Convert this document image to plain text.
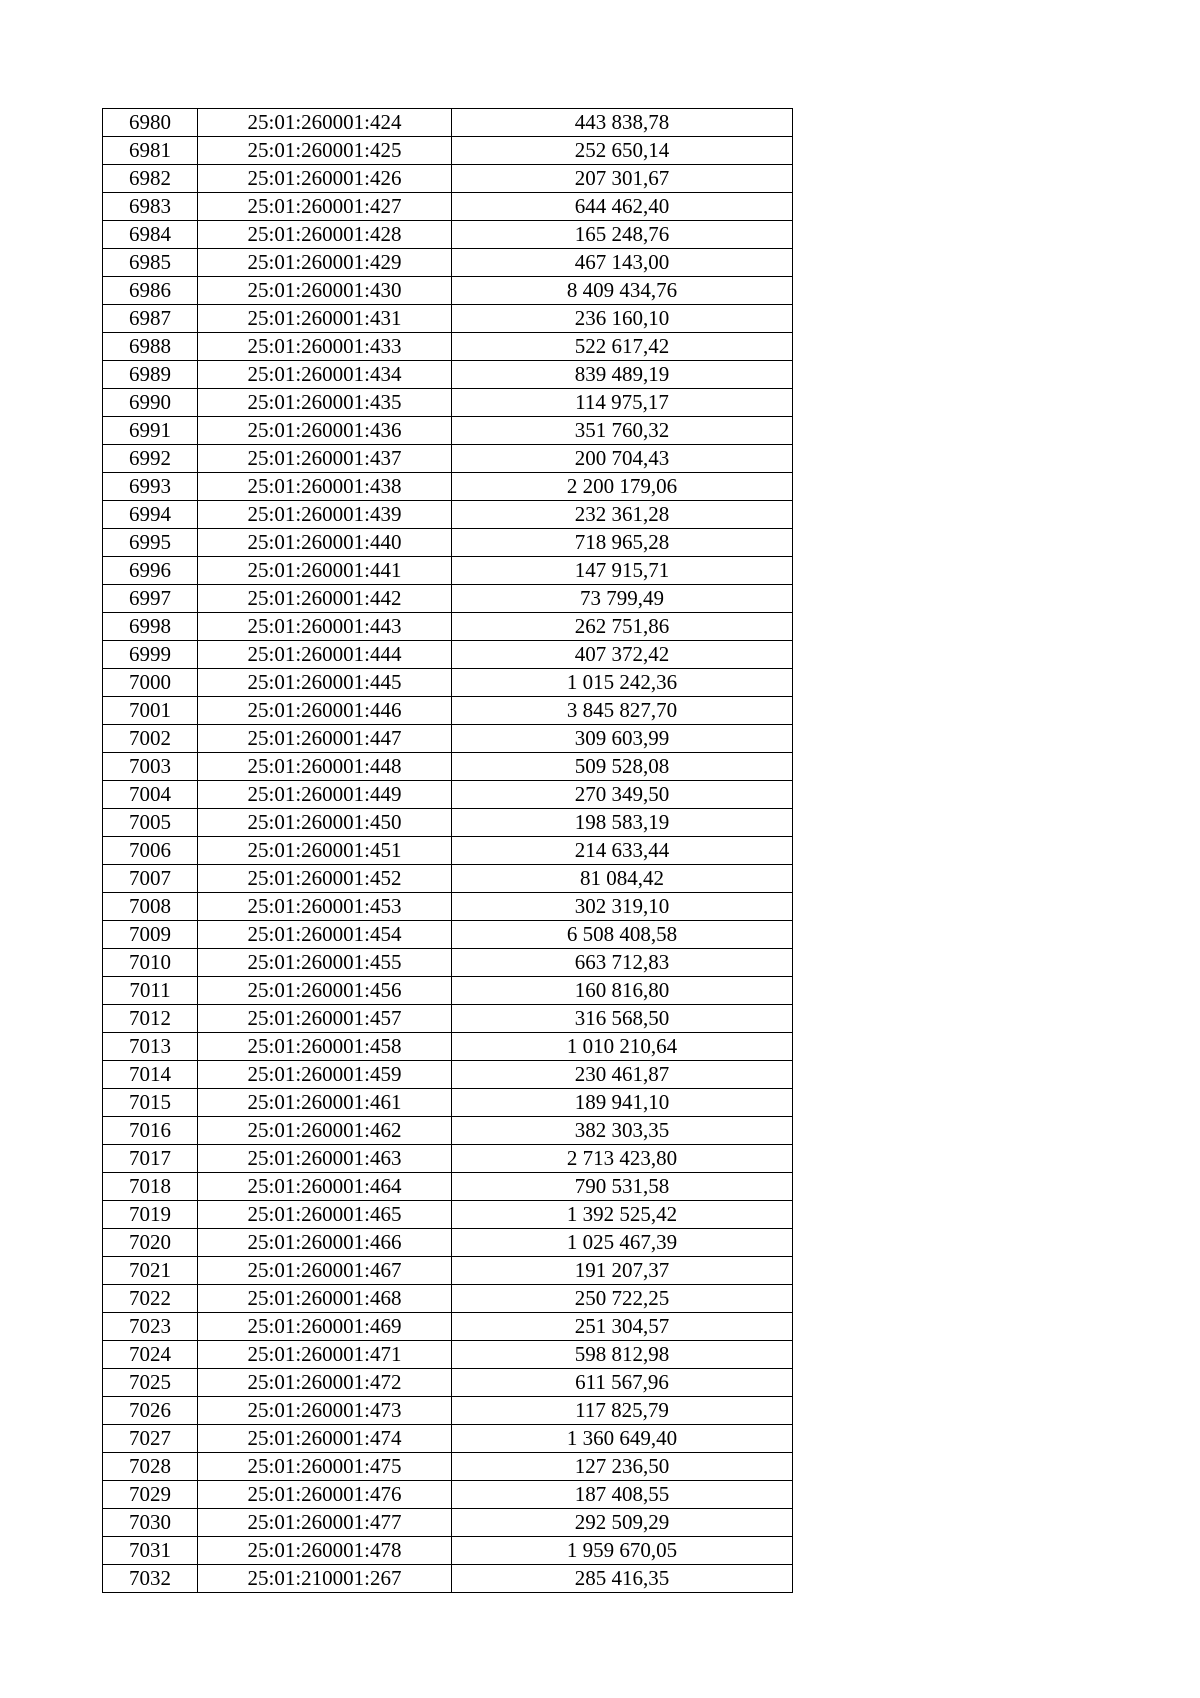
6980	25:01:260001:424	443 838,78
6981	25:01:260001:425	252 650,14
6982	25:01:260001:426	207 301,67
6983	25:01:260001:427	644 462,40
6984	25:01:260001:428	165 248,76
6985	25:01:260001:429	467 143,00
6986	25:01:260001:430	8 409 434,76
6987	25:01:260001:431	236 160,10
6988	25:01:260001:433	522 617,42
6989	25:01:260001:434	839 489,19
6990	25:01:260001:435	114 975,17
6991	25:01:260001:436	351 760,32
6992	25:01:260001:437	200 704,43
6993	25:01:260001:438	2 200 179,06
6994	25:01:260001:439	232 361,28
6995	25:01:260001:440	718 965,28
6996	25:01:260001:441	147 915,71
6997	25:01:260001:442	73 799,49
6998	25:01:260001:443	262 751,86
6999	25:01:260001:444	407 372,42
7000	25:01:260001:445	1 015 242,36
7001	25:01:260001:446	3 845 827,70
7002	25:01:260001:447	309 603,99
7003	25:01:260001:448	509 528,08
7004	25:01:260001:449	270 349,50
7005	25:01:260001:450	198 583,19
7006	25:01:260001:451	214 633,44
7007	25:01:260001:452	81 084,42
7008	25:01:260001:453	302 319,10
7009	25:01:260001:454	6 508 408,58
7010	25:01:260001:455	663 712,83
7011	25:01:260001:456	160 816,80
7012	25:01:260001:457	316 568,50
7013	25:01:260001:458	1 010 210,64
7014	25:01:260001:459	230 461,87
7015	25:01:260001:461	189 941,10
7016	25:01:260001:462	382 303,35
7017	25:01:260001:463	2 713 423,80
7018	25:01:260001:464	790 531,58
7019	25:01:260001:465	1 392 525,42
7020	25:01:260001:466	1 025 467,39
7021	25:01:260001:467	191 207,37
7022	25:01:260001:468	250 722,25
7023	25:01:260001:469	251 304,57
7024	25:01:260001:471	598 812,98
7025	25:01:260001:472	611 567,96
7026	25:01:260001:473	117 825,79
7027	25:01:260001:474	1 360 649,40
7028	25:01:260001:475	127 236,50
7029	25:01:260001:476	187 408,55
7030	25:01:260001:477	292 509,29
7031	25:01:260001:478	1 959 670,05
7032	25:01:210001:267	285 416,35
